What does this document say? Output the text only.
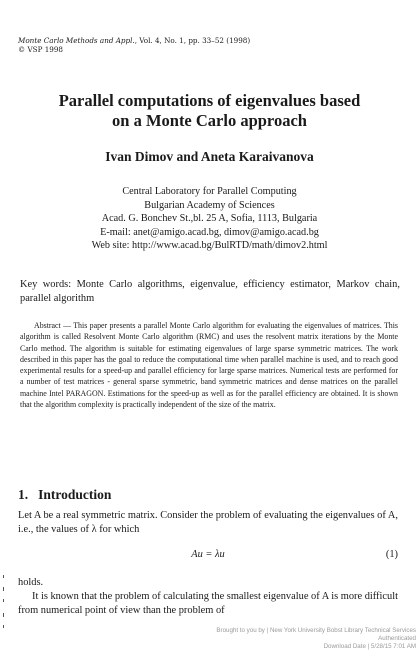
Monte Carlo Methods and Appl., Vol. 4, No. 1, pp. 33–52 (1998)
© VSP 1998
Parallel computations of eigenvalues based
on a Monte Carlo approach
Ivan Dimov and Aneta Karaivanova
Central Laboratory for Parallel Computing
Bulgarian Academy of Sciences
Acad. G. Bonchev St.,bl. 25 A, Sofia, 1113, Bulgaria
E-mail: anet@amigo.acad.bg, dimov@amigo.acad.bg
Web site: http://www.acad.bg/BulRTD/math/dimov2.html
Key words: Monte Carlo algorithms, eigenvalue, efficiency estimator, Markov chain, parallel algorithm
Abstract — This paper presents a parallel Monte Carlo algorithm for evaluating the eigenvalues of matrices. This algorithm is called Resolvent Monte Carlo algorithm (RMC) and uses the resolvent matrix iterations by the Monte Carlo method. The algorithm is suitable for estimating eigenvalues of large sparse symmetric matrices. The work described in this paper has the goal to reduce the computational time when parallel machine is used, and to reach good experimental results for a speed-up and parallel efficiency for large sparse matrices. Numerical tests are performed for a number of test matrices - general sparse symmetric, band symmetric matrices and dense matrices on the parallel machine Intel PARAGON. Estimations for the speed-up as well as for the parallel efficiency are obtained. It is shown that the algorithm complexity is practically independent of the size of the matrix.
1. Introduction
Let A be a real symmetric matrix. Consider the problem of evaluating the eigenvalues of A, i.e., the values of λ for which
Au = λu	(1)
holds.
It is known that the problem of calculating the smallest eigenvalue of A is more difficult from numerical point of view than the problem of
Brought to you by | New York University Bobst Library Technical Services
Authenticated
Download Date | 5/28/15 7:01 AM
